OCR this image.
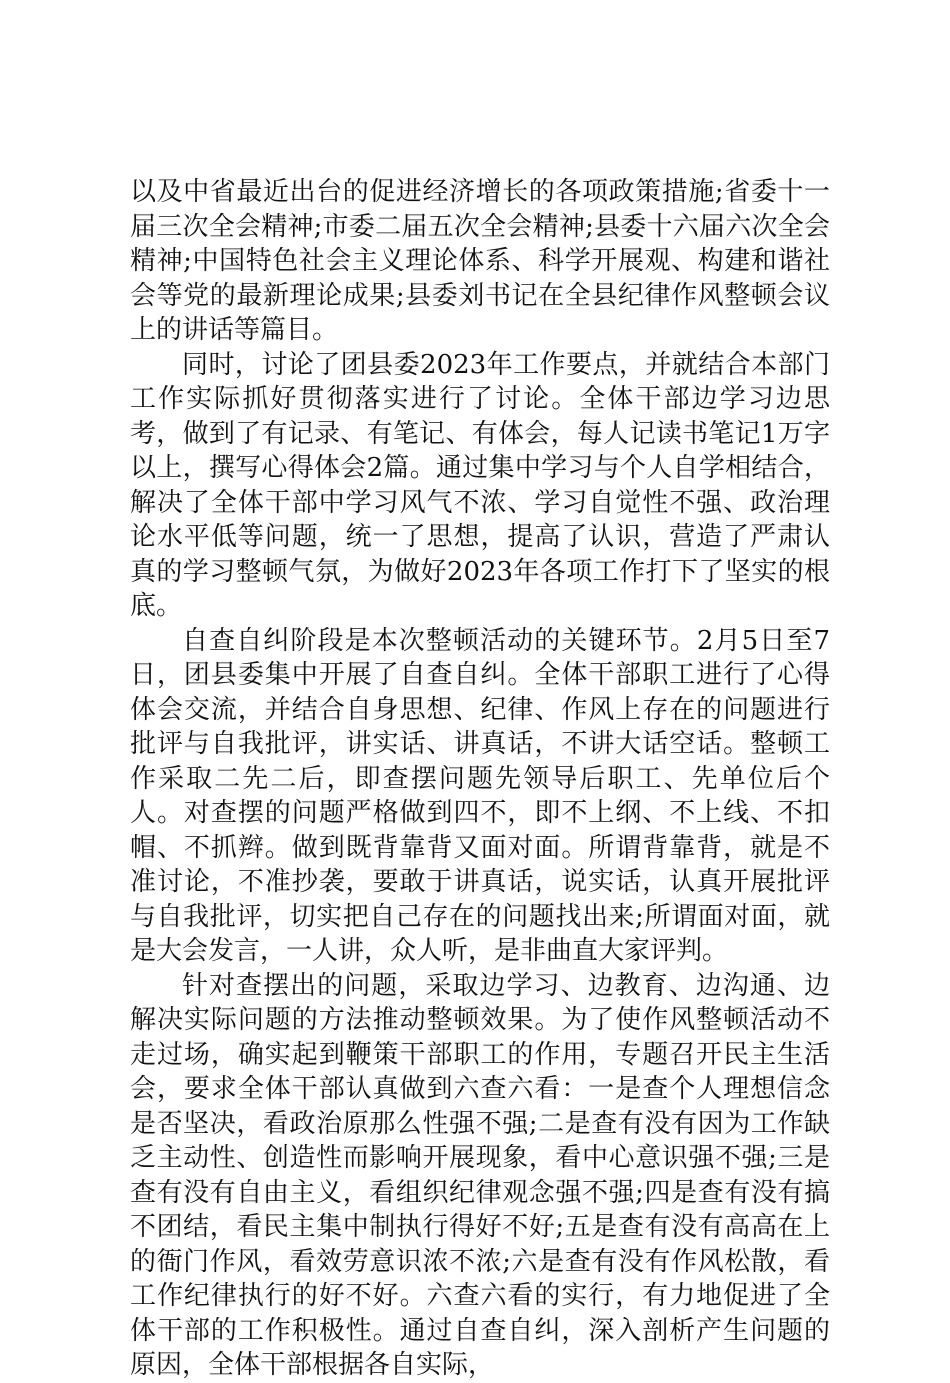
以及中省最近出台的促进经济增长的各项政策措施;省委十一届三次全会精神;市委二届五次全会精神;县委十六届六次全会精神;中国特色社会主义理论体系、科学开展观、构建和谐社会等党的最新理论成果;县委刘书记在全县纪律作风整顿会议上的讲话等篇目。

同时，讨论了团县委2023年工作要点，并就结合本部门工作实际抓好贯彻落实进行了讨论。全体干部边学习边思考，做到了有记录、有笔记、有体会，每人记读书笔记1万字以上，撰写心得体会2篇。通过集中学习与个人自学相结合，解决了全体干部中学习风气不浓、学习自觉性不强、政治理论水平低等问题，统一了思想，提高了认识，营造了严肃认真的学习整顿气氛，为做好2023年各项工作打下了坚实的根底。

自查自纠阶段是本次整顿活动的关键环节。2月5日至7日，团县委集中开展了自查自纠。全体干部职工进行了心得体会交流，并结合自身思想、纪律、作风上存在的问题进行批评与自我批评，讲实话、讲真话，不讲大话空话。整顿工作采取二先二后，即查摆问题先领导后职工、先单位后个人。对查摆的问题严格做到四不，即不上纲、不上线、不扣帽、不抓辫。做到既背靠背又面对面。所谓背靠背，就是不准讨论，不准抄袭，要敢于讲真话，说实话，认真开展批评与自我批评，切实把自己存在的问题找出来;所谓面对面，就是大会发言，一人讲，众人听，是非曲直大家评判。

针对查摆出的问题，采取边学习、边教育、边沟通、边解决实际问题的方法推动整顿效果。为了使作风整顿活动不走过场，确实起到鞭策干部职工的作用，专题召开民主生活会，要求全体干部认真做到六查六看：一是查个人理想信念是否坚决，看政治原那么性强不强;二是查有没有因为工作缺乏主动性、创造性而影响开展现象，看中心意识强不强;三是查有没有自由主义，看组织纪律观念强不强;四是查有没有搞不团结，看民主集中制执行得好不好;五是查有没有高高在上的衙门作风，看效劳意识浓不浓;六是查有没有作风松散，看工作纪律执行的好不好。六查六看的实行，有力地促进了全体干部的工作积极性。通过自查自纠，深入剖析产生问题的原因，全体干部根据各自实际，
